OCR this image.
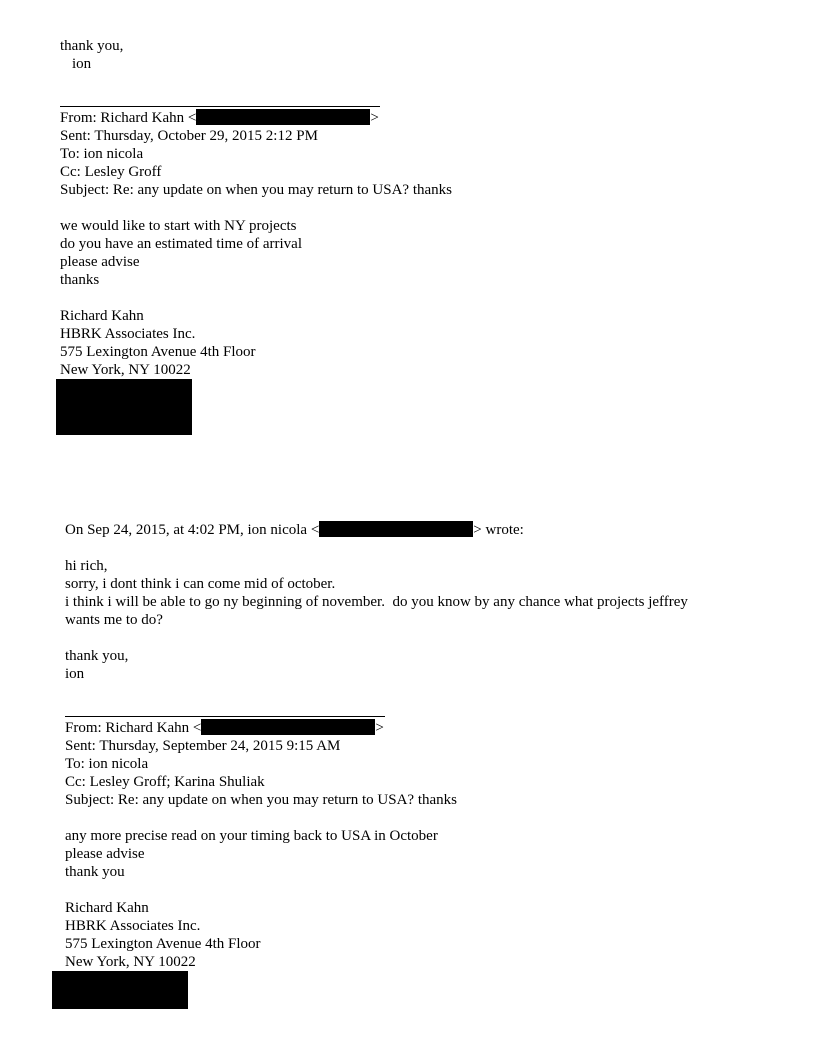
thank you,
ion
From: Richard Kahn <	>
Sent: Thursday, October 29, 2015 2:12 PM
To: ion nicola
Cc: Lesley Groff
Subject: Re: any update on when you may return to USA? thanks
we would like to start with NY projects
do you have an estimated time of arrival
please advise
thanks
Richard Kahn
HBRK Associates Inc.
575 Lexington Avenue 4th Floor
New York, NY 10022
On Sep 24, 2015, at 4:02 PM, ion nicola <	> wrote:
hi rich,
sorry, i dont think i can come mid of october.
i think i will be able to go ny beginning of november.  do you know by any chance what projects jeffrey
wants me to do?
thank you,
ion
From: Richard Kahn <	>
Sent: Thursday, September 24, 2015 9:15 AM
To: ion nicola
Cc: Lesley Groff; Karina Shuliak
Subject: Re: any update on when you may return to USA? thanks
any more precise read on your timing back to USA in October
please advise
thank you
Richard Kahn
HBRK Associates Inc.
575 Lexington Avenue 4th Floor
New York, NY 10022
